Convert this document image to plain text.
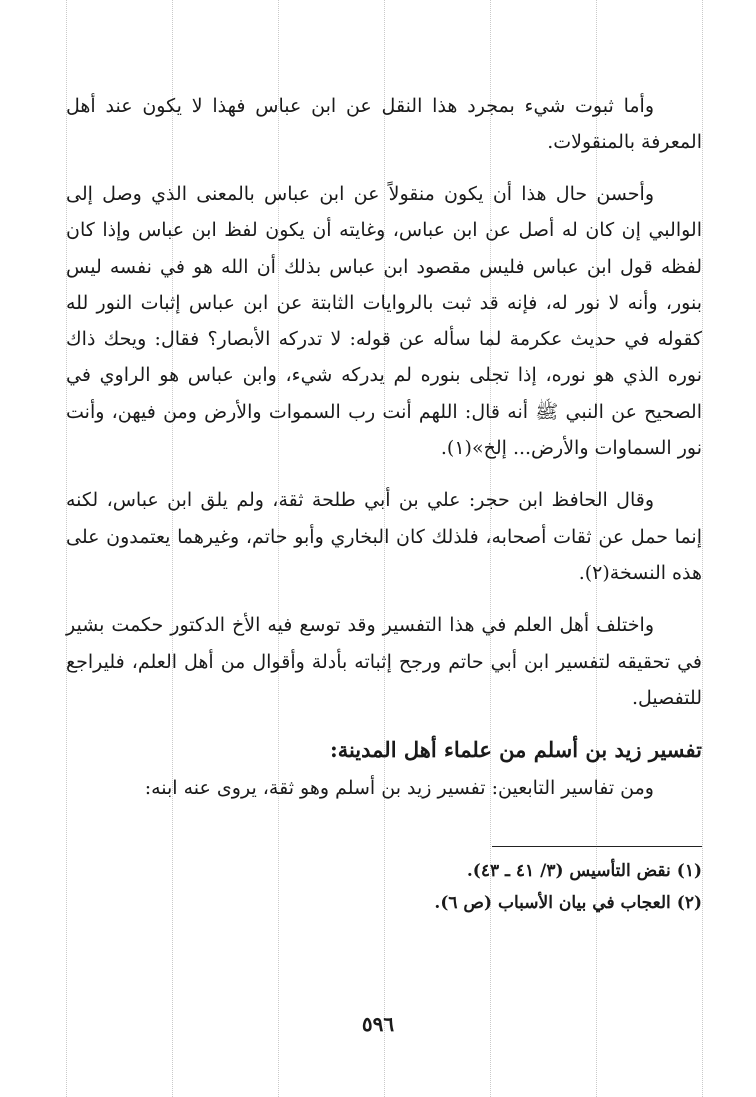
وأما ثبوت شيء بمجرد هذا النقل عن ابن عباس فهذا لا يكون عند أهل المعرفة بالمنقولات.

وأحسن حال هذا أن يكون منقولاً عن ابن عباس بالمعنى الذي وصل إلى الوالبي إن كان له أصل عن ابن عباس، وغايته أن يكون لفظ ابن عباس وإذا كان لفظه قول ابن عباس فليس مقصود ابن عباس بذلك أن الله هو في نفسه ليس بنور، وأنه لا نور له، فإنه قد ثبت بالروايات الثابتة عن ابن عباس إثبات النور لله كقوله في حديث عكرمة لما سأله عن قوله: لا تدركه الأبصار؟ فقال: ويحك ذاك نوره الذي هو نوره، إذا تجلى بنوره لم يدركه شيء، وابن عباس هو الراوي في الصحيح عن النبي ﷺ أنه قال: اللهم أنت رب السموات والأرض ومن فيهن، وأنت نور السماوات والأرض... إلخ»(١).

وقال الحافظ ابن حجر: علي بن أبي طلحة ثقة، ولم يلق ابن عباس، لكنه إنما حمل عن ثقات أصحابه، فلذلك كان البخاري وأبو حاتم، وغيرهما يعتمدون على هذه النسخة(٢).

واختلف أهل العلم في هذا التفسير وقد توسع فيه الأخ الدكتور حكمت بشير في تحقيقه لتفسير ابن أبي حاتم ورجح إثباته بأدلة وأقوال من أهل العلم، فليراجع للتفصيل.

تفسير زيد بن أسلم من علماء أهل المدينة:

ومن تفاسير التابعين: تفسير زيد بن أسلم وهو ثقة، يروى عنه ابنه:

(١)نقض التأسيس (٣/ ٤١ ـ ٤٣).

(٢)العجاب في بيان الأسباب (ص ٦).

٥٩٦
